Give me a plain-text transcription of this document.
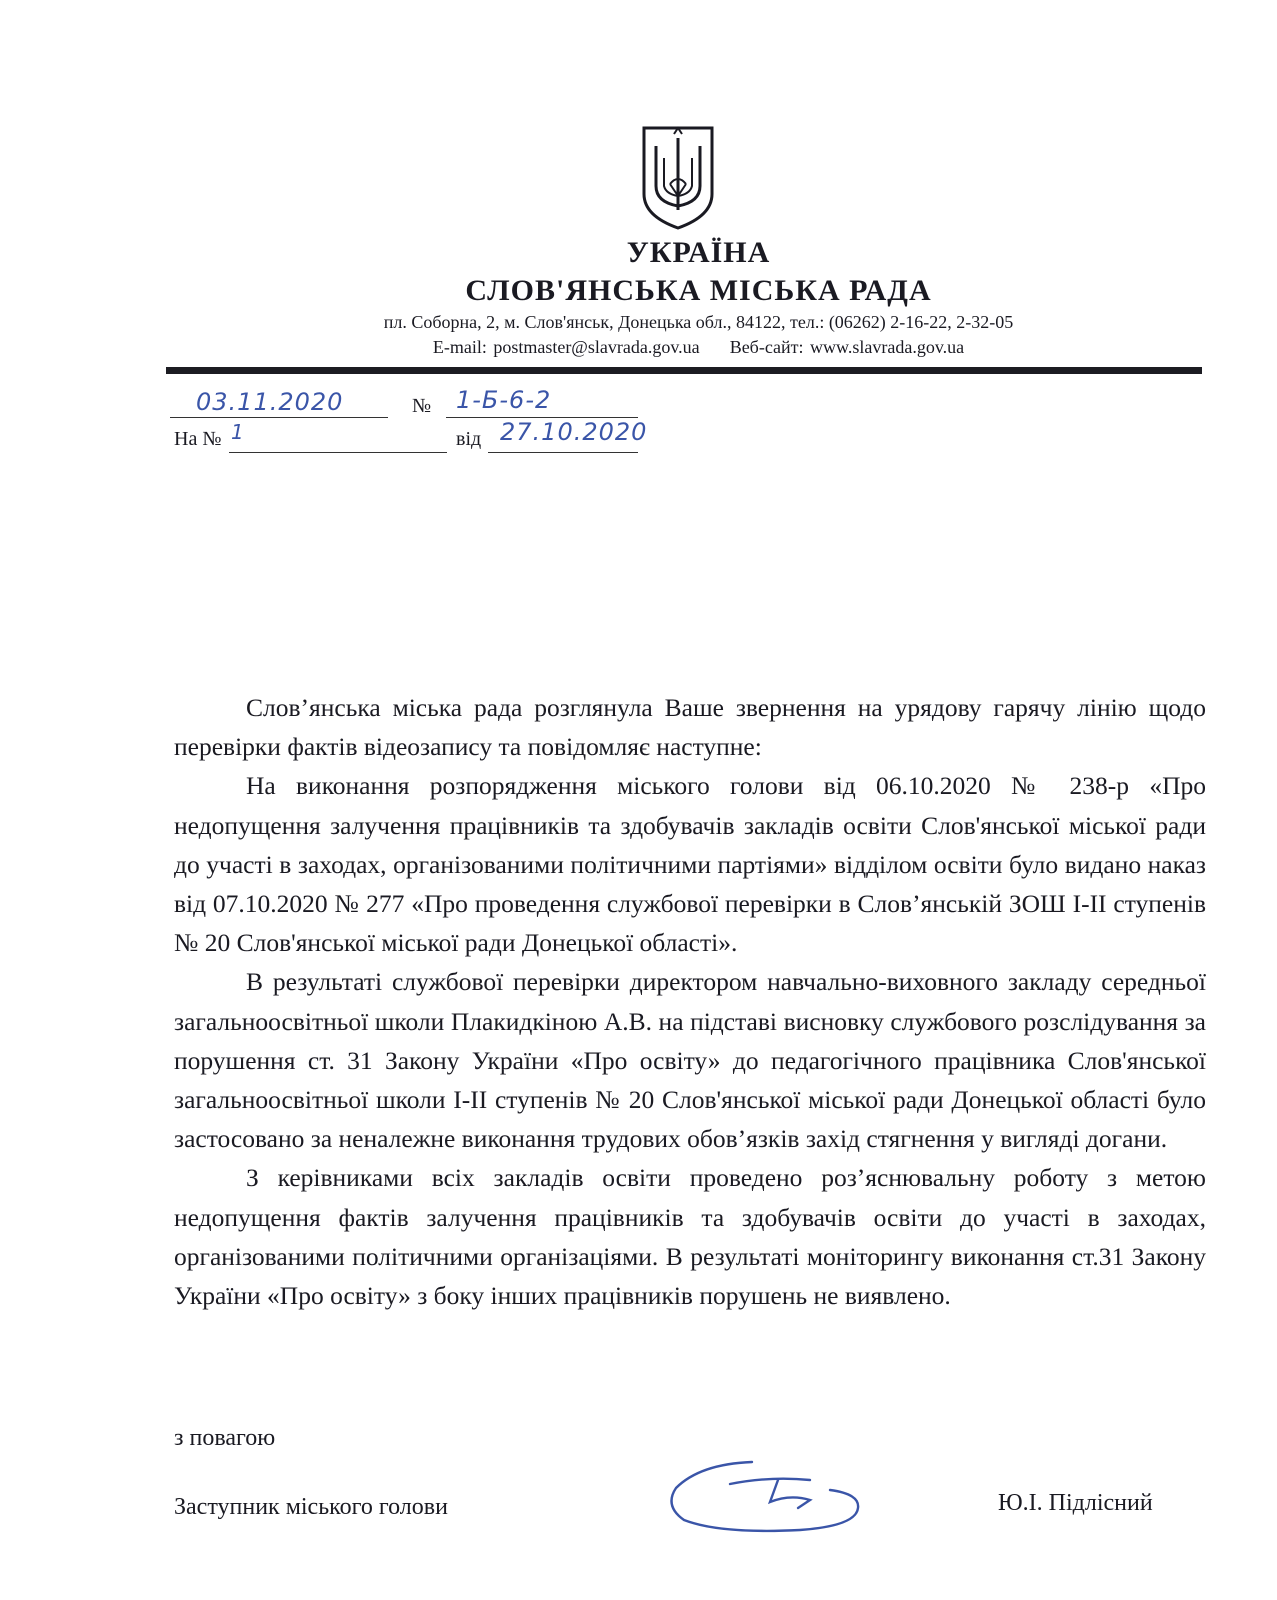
УКРАЇНА
СЛОВ'ЯНСЬКА МІСЬКА РАДА
пл. Соборна, 2, м. Слов'янськ, Донецька обл., 84122, тел.: (06262) 2-16-22, 2-32-05
E-mail: postmaster@slavrada.gov.ua Веб-сайт: www.slavrada.gov.ua
03.11.2020	№ 1-Б-6-2
На № 1	від 27.10.2020

Слов’янська міська рада розглянула Ваше звернення на урядову гарячу лінію щодо перевірки фактів відеозапису та повідомляє наступне:

На виконання розпорядження міського голови від 06.10.2020 № 238-р «Про недопущення залучення працівників та здобувачів закладів освіти Слов'янської міської ради до участі в заходах, організованими політичними партіями» відділом освіти було видано наказ від 07.10.2020 № 277 «Про проведення службової перевірки в Слов’янській ЗОШ І-ІІ ступенів № 20 Слов'янської міської ради Донецької області».

В результаті службової перевірки директором навчально-виховного закладу середньої загальноосвітньої школи Плакидкіною А.В. на підставі висновку службового розслідування за порушення ст. 31 Закону України «Про освіту» до педагогічного працівника Слов'янської загальноосвітньої школи І-ІІ ступенів № 20 Слов'янської міської ради Донецької області було застосовано за неналежне виконання трудових обов’язків захід стягнення у вигляді догани.

З керівниками всіх закладів освіти проведено роз’яснювальну роботу з метою недопущення фактів залучення працівників та здобувачів освіти до участі в заходах, організованими політичними організаціями. В результаті моніторингу виконання ст.31 Закону України «Про освіту» з боку інших працівників порушень не виявлено.

з повагою
Заступник міського голови	Ю.І. Підлісний
